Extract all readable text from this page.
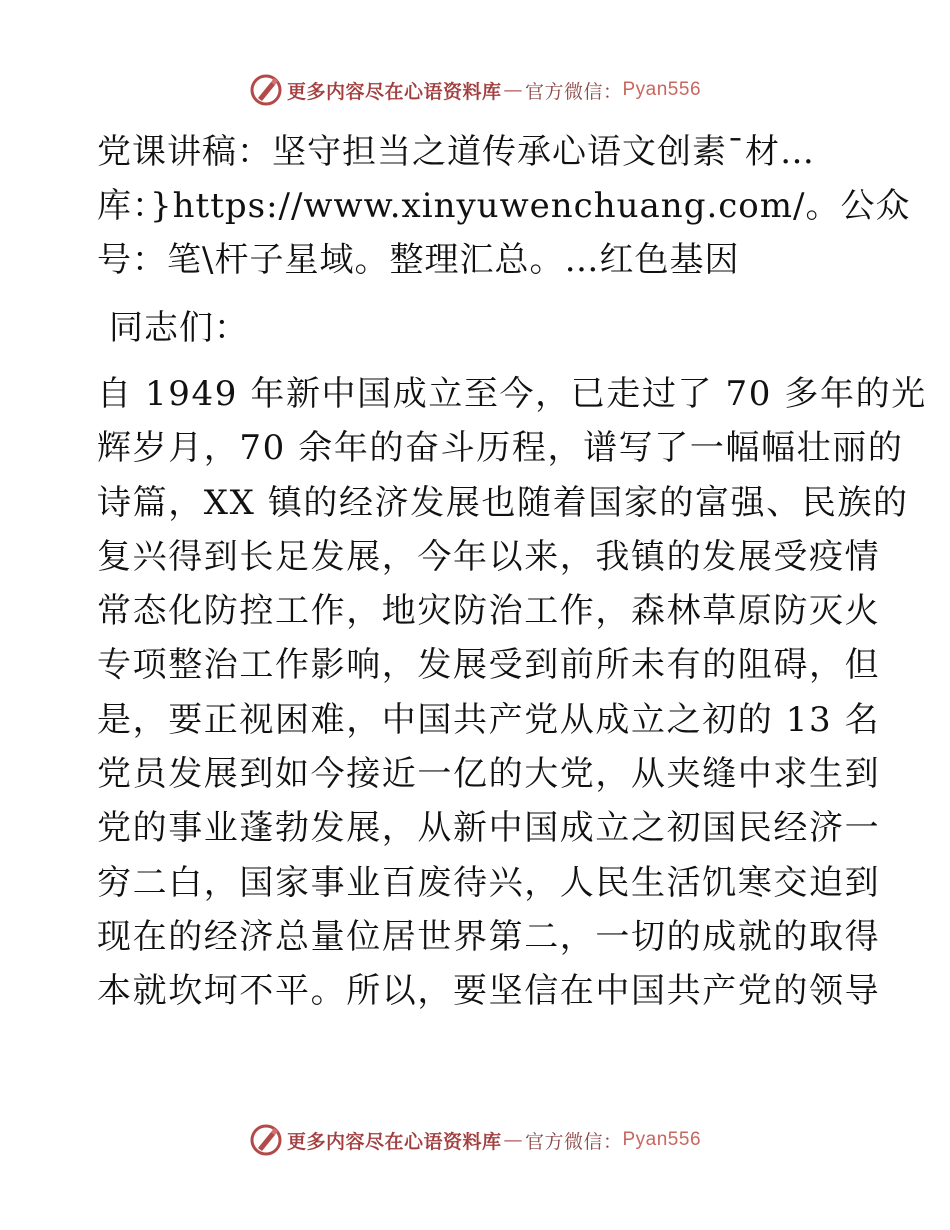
更多内容尽在心语资料库 — 官方微信： Pyan556
党课讲稿：坚守担当之道传承心语文创素¯材…
库：}https://www.xinyuwenchuang.com/。公众
号：笔\杆子星域。整理汇总。…红色基因
同志们：
自 1949 年新中国成立至今，已走过了 70 多年的光
辉岁月，70 余年的奋斗历程，谱写了一幅幅壮丽的
诗篇，XX 镇的经济发展也随着国家的富强、民族的
复兴得到长足发展，今年以来，我镇的发展受疫情
常态化防控工作，地灾防治工作，森林草原防灭火
专项整治工作影响，发展受到前所未有的阻碍，但
是，要正视困难，中国共产党从成立之初的 13 名
党员发展到如今接近一亿的大党，从夹缝中求生到
党的事业蓬勃发展，从新中国成立之初国民经济一
穷二白，国家事业百废待兴，人民生活饥寒交迫到
现在的经济总量位居世界第二，一切的成就的取得
本就坎坷不平。所以，要坚信在中国共产党的领导
更多内容尽在心语资料库 — 官方微信： Pyan556
